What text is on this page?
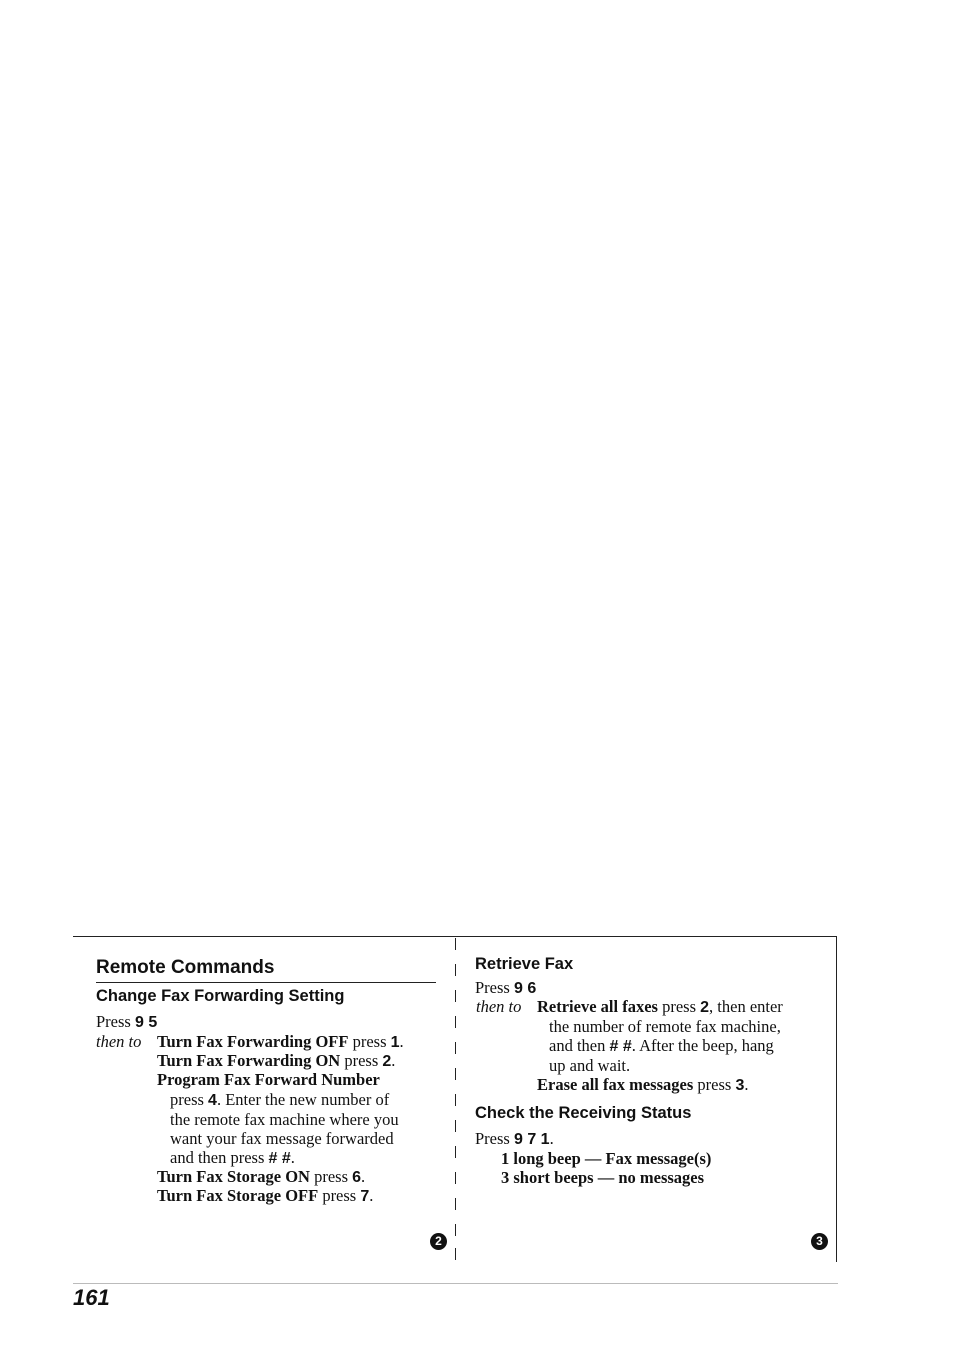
Remote Commands
Change Fax Forwarding Setting
Press 9 5
then to Turn Fax Forwarding OFF press 1.
Turn Fax Forwarding ON press 2.
Program Fax Forward Number
press 4. Enter the new number of
the remote fax machine where you
want your fax message forwarded
and then press # #.
Turn Fax Storage ON press 6.
Turn Fax Storage OFF press 7.
2
Retrieve Fax
Press 9 6
then to Retrieve all faxes press 2, then enter
the number of remote fax machine,
and then # #. After the beep, hang
up and wait.
Erase all fax messages press 3.
Check the Receiving Status
Press 9 7 1.
1 long beep — Fax message(s)
3 short beeps — no messages
3
161
